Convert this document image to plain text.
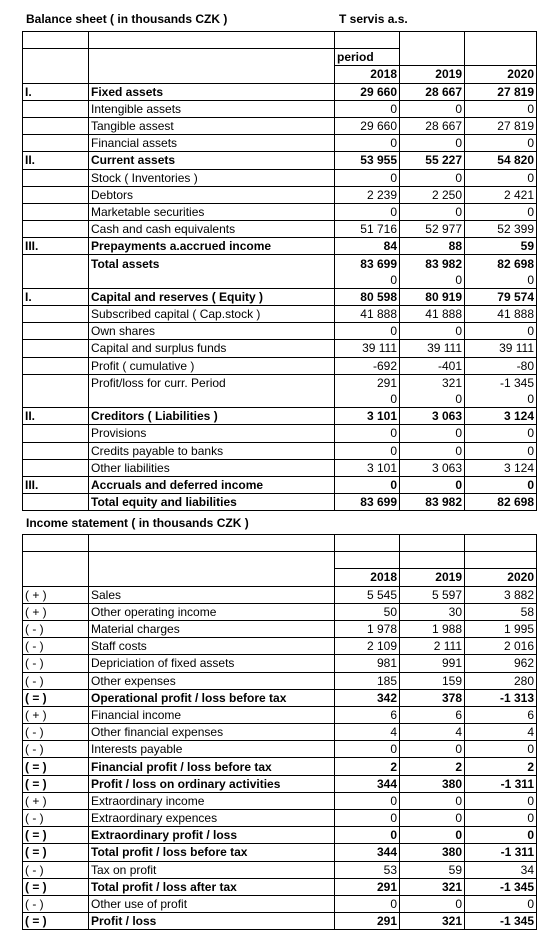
Balance sheet ( in thousands CZK )	T servis a.s.

		period		
		2018	2019	2020
I.	Fixed assets	29 660	28 667	27 819
	Intengible assets	0	0	0
	Tangible assest	29 660	28 667	27 819
	Financial assets	0	0	0
II.	Current assets	53 955	55 227	54 820
	Stock ( Inventories )	0	0	0
	Debtors	2 239	2 250	2 421
	Marketable securities	0	0	0
	Cash and cash equivalents	51 716	52 977	52 399
III.	Prepayments a.accrued income	84	88	59
	Total assets	83 699	83 982	82 698
		0	0	0
I.	Capital and reserves ( Equity )	80 598	80 919	79 574
	Subscribed capital ( Cap.stock )	41 888	41 888	41 888
	Own shares	0	0	0
	Capital and surplus funds	39 111	39 111	39 111
	Profit ( cumulative )	-692	-401	-80
	Profit/loss for curr. Period	291	321	-1 345
		0	0	0
II.	Creditors ( Liabilities )	3 101	3 063	3 124
	Provisions	0	0	0
	Credits payable to banks	0	0	0
	Other liabilities	3 101	3 063	3 124
III.	Accruals and deferred income	0	0	0
	Total equity and liabilities	83 699	83 982	82 698
Income statement ( in thousands CZK )

		2018	2019	2020
( + )	Sales	5 545	5 597	3 882
( + )	Other operating income	50	30	58
( - )	Material charges	1 978	1 988	1 995
( - )	Staff costs	2 109	2 111	2 016
( - )	Depriciation of fixed assets	981	991	962
( - )	Other expenses	185	159	280
( = )	Operational profit / loss before tax	342	378	-1 313
( + )	Financial income	6	6	6
( - )	Other financial expenses	4	4	4
( - )	Interests payable	0	0	0
( = )	Financial profit / loss before tax	2	2	2
( = )	Profit / loss on ordinary activities	344	380	-1 311
( + )	Extraordinary income	0	0	0
( - )	Extraordinary expences	0	0	0
( = )	Extraordinary profit / loss	0	0	0
( = )	Total profit / loss before tax	344	380	-1 311
( - )	Tax on profit	53	59	34
( = )	Total profit / loss after tax	291	321	-1 345
( - )	Other use of profit	0	0	0
( = )	Profit / loss	291	321	-1 345
